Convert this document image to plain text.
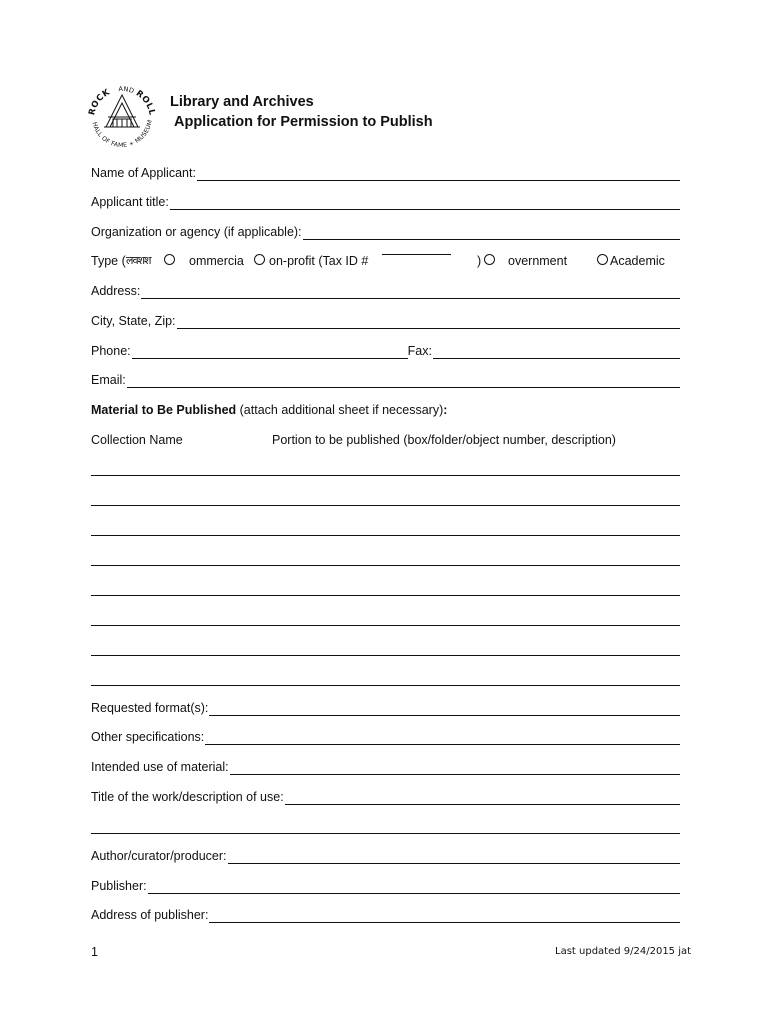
ROCK AND
ROLL
HALL OF FAME + MUSEUM
Library and Archives
Application for Permission to Publish
Name of Applicant:
Applicant title:
Organization or agency (if applicable):
Type ( लवशश	ommercia on-profit (Tax ID #	) overnment	Academic
Address:
City, State, Zip:
Phone:	Fax:
Email:
Material to Be Published (attach additional sheet if necessary):
Collection Name	Portion to be published (box/folder/object number, description)
Requested format(s):
Other specifications:
Intended use of material:
Title of the work/description of use:
Author/curator/producer:
Publisher:
Address of publisher:
1	Last updated 9/24/2015 jat
